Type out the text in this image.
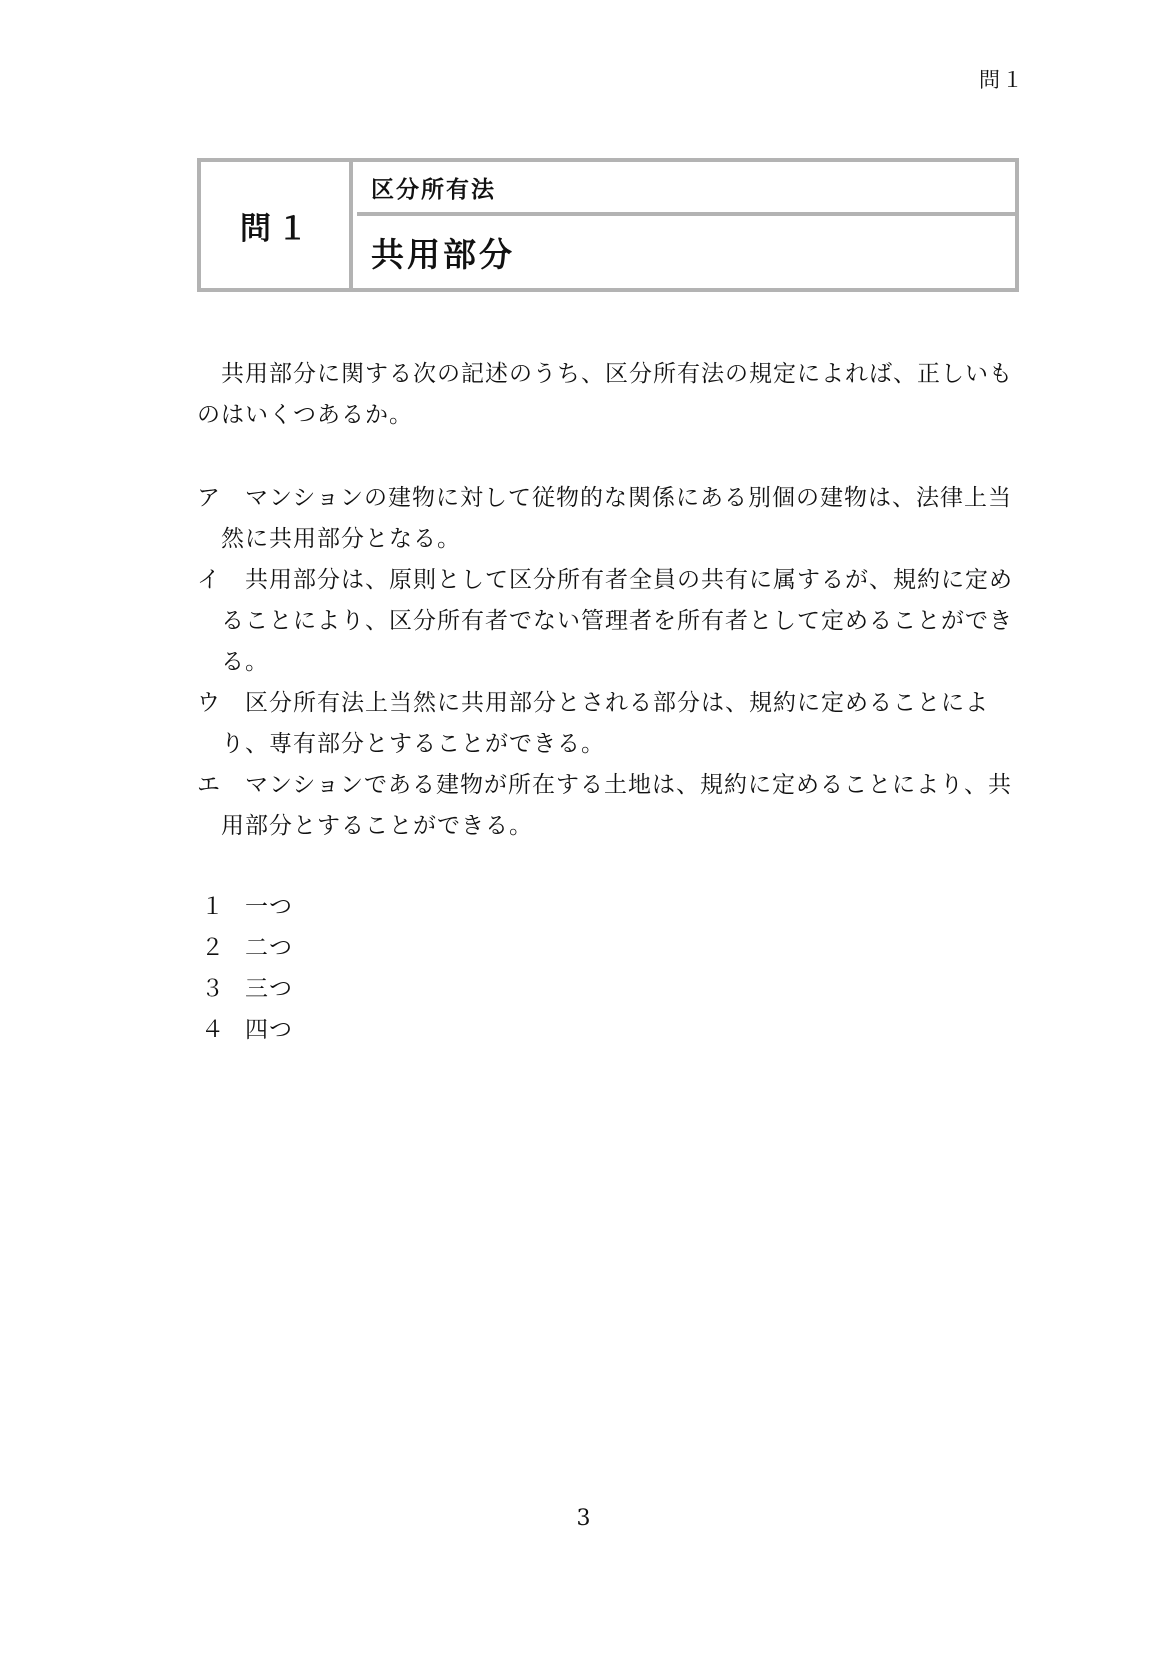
問１
問１
区分所有法
共用部分

共用部分に関する次の記述のうち、区分所有法の規定によれば、正しいものはいくつあるか。

ア	マンションの建物に対して従物的な関係にある別個の建物は、法律上当然に共用部分となる。
イ	共用部分は、原則として区分所有者全員の共有に属するが、規約に定めることにより、区分所有者でない管理者を所有者として定めることができる。
ウ	区分所有法上当然に共用部分とされる部分は、規約に定めることにより、専有部分とすることができる。
エ	マンションである建物が所在する土地は、規約に定めることにより、共用部分とすることができる。
１ 一つ
２ 二つ
３ 三つ
４ 四つ
3
